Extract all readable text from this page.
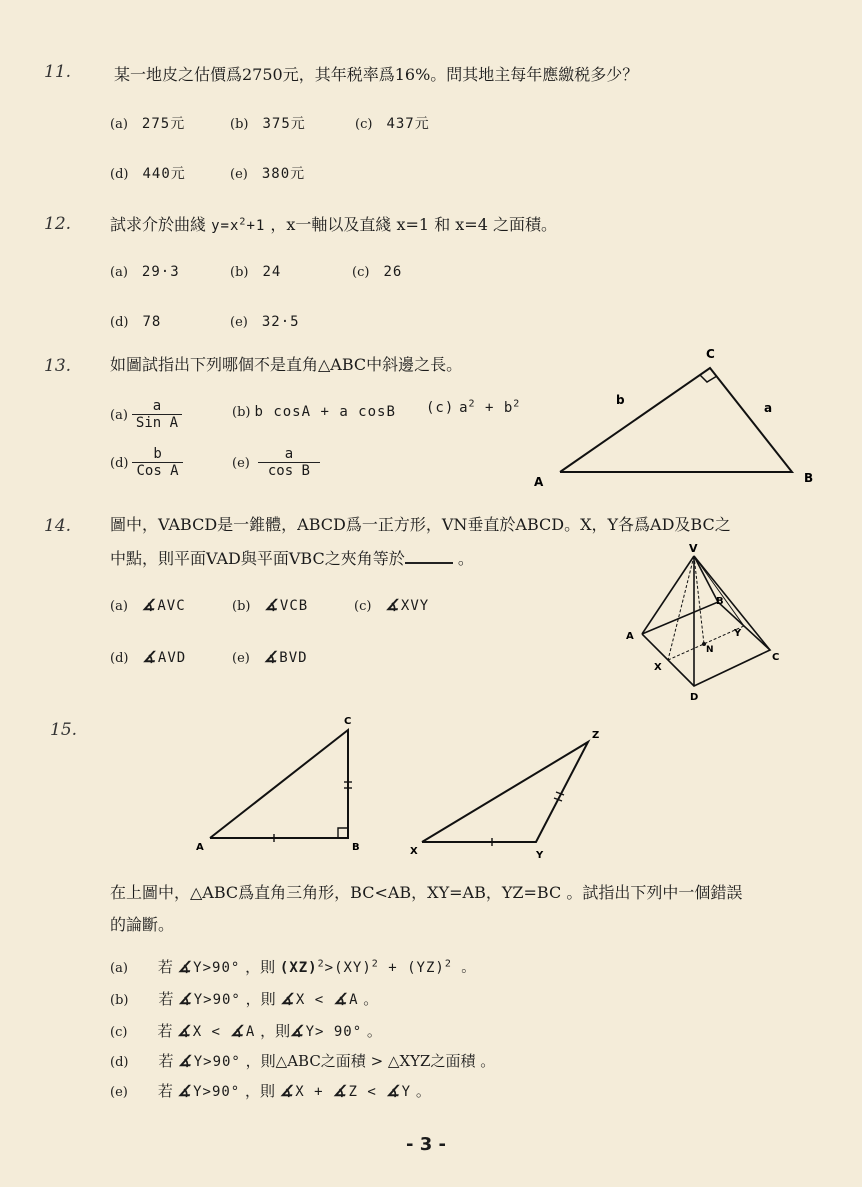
11.	某一地皮之估價爲2750元，其年税率爲16%。問其地主每年應繳税多少？
(a) 275元	(b) 375元	(c) 437元
(d) 440元	(e) 380元
12. 試求介於曲綫 $y=x^2+1$ ，x一軸以及直綫 x=1 和 x=4 之面積。
(a) 29·3	(b) 24	(c) 26
(d) 78	(e) 32·5
13. 如圖試指出下列哪個不是直角△ABC中斜邊之長。
$(a) \frac{a}{\text{Sin A}}$	(b) b cosA + a cosB (c) $a^2 + b^2$
$(d) \frac{b}{\text{Cos A}}$	$(e) \frac{a}{\text{cos B}}$
C
A	B
b
a
14. 圖中，VABCD是一錐體，ABCD爲一正方形，VN垂直於ABCD。X，Y各爲AD及BC之
中點，則平面VAD與平面VBC之夾角等於	。
(a) ∡ AVC	(b) ∡ VCB	(c) ∡ XVY
(d) ∡ AVD	(e) ∡ BVD
V
A
B
C
D
N
X
Y
15.	C
A	B
Z
X	Y
在上圖中，△ABC爲直角三角形，BC<AB，XY=AB，YZ=BC 。試指出下列中一個錯誤
的論斷。
(a) 若 ∡ Y>90° ，則 (XZ)$^2$>(XY)$^2$ + (YZ)$^2$ 。
(b) 若 ∡ Y>90° ，則 ∡ X < ∡ A 。
(c) 若 ∡ X < ∡ A ，則∡ Y> 90° 。
(d) 若 ∡ Y>90° ，則△ABC之面積 > △XYZ之面積 。
(e) 若 ∡ Y>90° ，則 ∡ X + ∡ Z < ∡ Y 。
- 3 -
